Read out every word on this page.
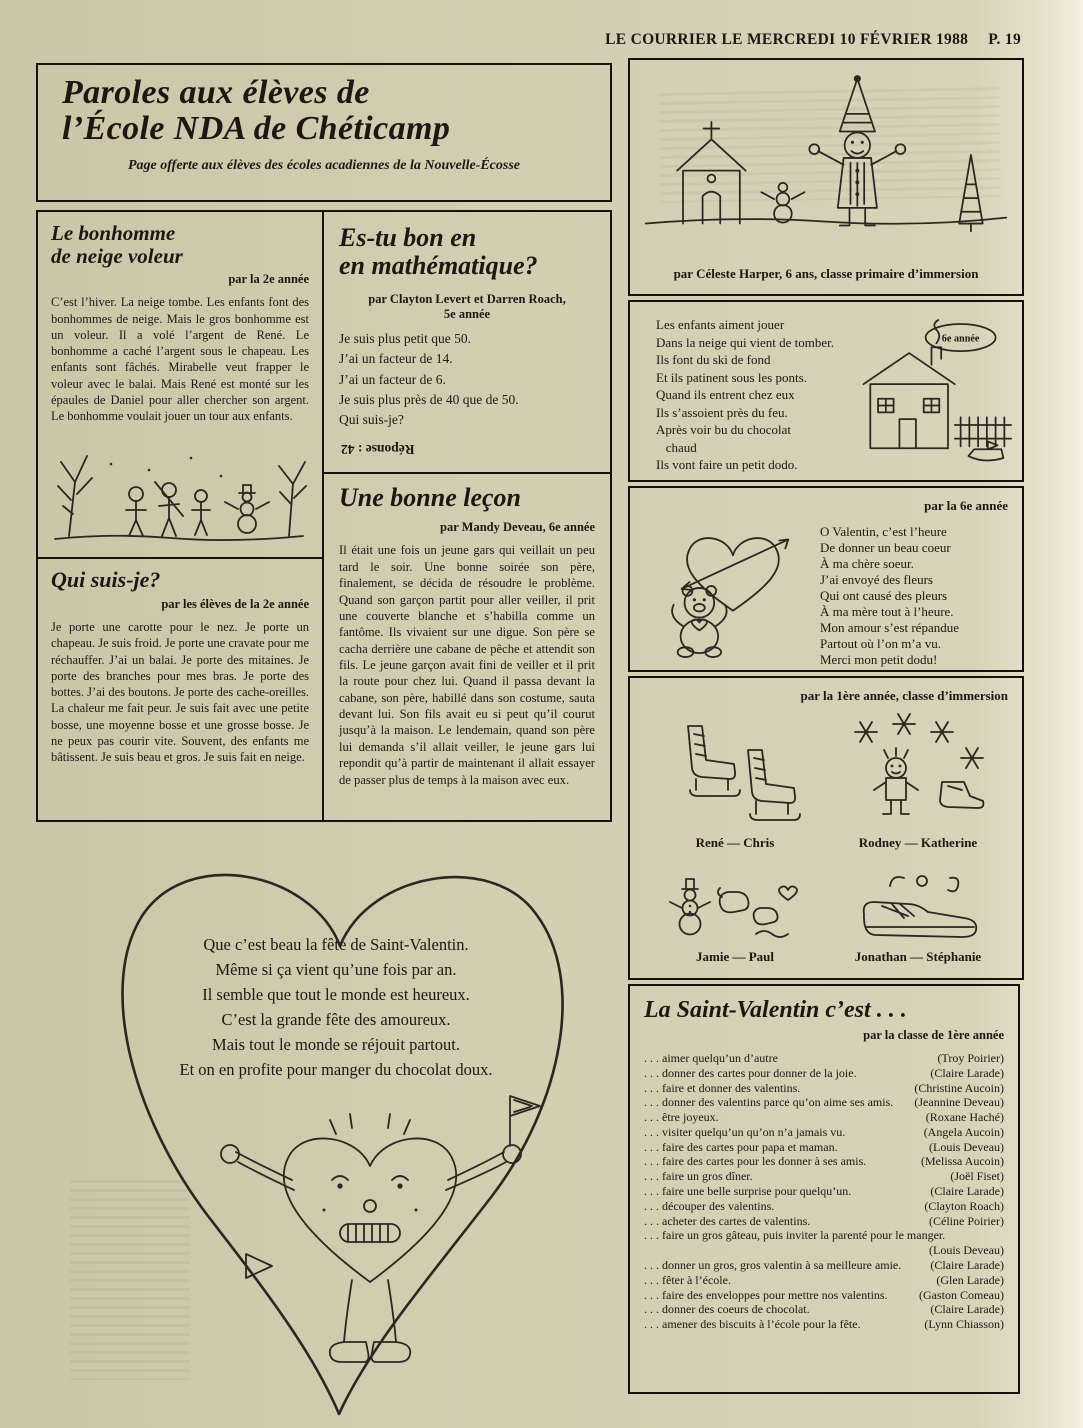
LE COURRIER LE MERCREDI 10 FÉVRIER 1988 P. 19
Paroles aux élèves de
l’École NDA de Chéticamp
Page offerte aux élèves des écoles acadiennes de la Nouvelle-Écosse
Le bonhomme
de neige voleur
par la 2e année

C’est l’hiver. La neige tombe. Les enfants font des bonhommes de neige. Mais le gros bonhomme est un voleur. Il a volé l’argent de René. Le bonhomme a caché l’argent sous le chapeau. Les enfants sont fâchés. Mirabelle veut frapper le voleur avec le balai. Mais René est monté sur les épaules de Daniel pour aller chercher son argent. Le bonhomme voulait jouer un tour aux enfants.

Qui suis-je?
par les élèves de la 2e année

Je porte une carotte pour le nez. Je porte un chapeau. Je suis froid. Je porte une cravate pour me réchauffer. J’ai un balai. Je porte des mitaines. Je porte des branches pour mes bras. Je porte des bottes. J’ai des boutons. Je porte des cache-oreilles. La chaleur me fait peur. Je suis fait avec une petite bosse, une moyenne bosse et une grosse bosse. Je ne peux pas courir vite. Souvent, des enfants me bâtissent. Je suis beau et gros. Je suis fait en neige.

Es-tu bon en
en mathématique?
par Clayton Levert et Darren Roach,
5e année
Je suis plus petit que 50.
J’ai un facteur de 14.
J’ai un facteur de 6.
Je suis plus près de 40 que de 50.
Qui suis-je?
Réponse : 42
Une bonne leçon
par Mandy Deveau, 6e année

Il était une fois un jeune gars qui veillait un peu tard le soir. Une bonne soirée son père, finalement, se décida de résoudre le problème. Quand son garçon partit pour aller veiller, il prit une couverte blanche et s’habilla comme un fantôme. Ils vivaient sur une digue. Son père se cacha derrière une cabane de pêche et attendit son fils. Le jeune garçon avait fini de veiller et il prit la route pour chez lui. Quand il passa devant la cabane, son père, habillé dans son costume, sauta devant lui. Son fils avait eu si peut qu’il courut jusqu’à la maison. Le lendemain, quand son père lui demanda s’il allait veiller, le jeune gars lui repondit qu’à partir de maintenant il allait essayer de passer plus de temps à la maison avec eux.

par Céleste Harper, 6 ans, classe primaire d’immersion
Les enfants aiment jouer
Dans la neige qui vient de tomber.
Ils font du ski de fond
Et ils patinent sous les ponts.
Quand ils entrent chez eux
Ils s’assoient près du feu.
Après voir bu du chocolat
chaud
Ils vont faire un petit dodo.
6e année
par la 6e année
O Valentin, c’est l’heure
De donner un beau coeur
À ma chère soeur.
J’ai envoyé des fleurs
Qui ont causé des pleurs
À ma mère tout à l’heure.
Mon amour s’est répandue
Partout où l’on m’a vu.
Merci mon petit dodu!
par la 1ère année, classe d’immersion
René — Chris	Rodney — Katherine
Jamie — Paul	Jonathan — Stéphanie
La Saint-Valentin c’est . . .
par la classe de 1ère année
. . . aimer quelqu’un d’autre	(Troy Poirier)
. . . donner des cartes pour donner de la joie.	(Claire Larade)
. . . faire et donner des valentins.	(Christine Aucoin)
. . . donner des valentins parce qu’on aime ses amis.	(Jeannine Deveau)
. . . être joyeux.	(Roxane Haché)
. . . visiter quelqu’un qu’on n’a jamais vu.	(Angela Aucoin)
. . . faire des cartes pour papa et maman.	(Louis Deveau)
. . . faire des cartes pour les donner à ses amis.	(Melissa Aucoin)
. . . faire un gros dîner.	(Joël Fiset)
. . . faire une belle surprise pour quelqu’un.	(Claire Larade)
. . . découper des valentins.	(Clayton Roach)
. . . acheter des cartes de valentins.	(Céline Poirier)
. . . faire un gros gâteau, puis inviter la parenté pour le manger.
(Louis Deveau)
. . . donner un gros, gros valentin à sa meilleure amie.	(Claire Larade)
. . . fêter à l’école.	(Glen Larade)
. . . faire des enveloppes pour mettre nos valentins.	(Gaston Comeau)
. . . donner des coeurs de chocolat.	(Claire Larade)
. . . amener des biscuits à l’école pour la fête.	(Lynn Chiasson)
Que c’est beau la fête de Saint-Valentin.
Même si ça vient qu’une fois par an.
Il semble que tout le monde est heureux.
C’est la grande fête des amoureux.
Mais tout le monde se réjouit partout.
Et on en profite pour manger du chocolat doux.
